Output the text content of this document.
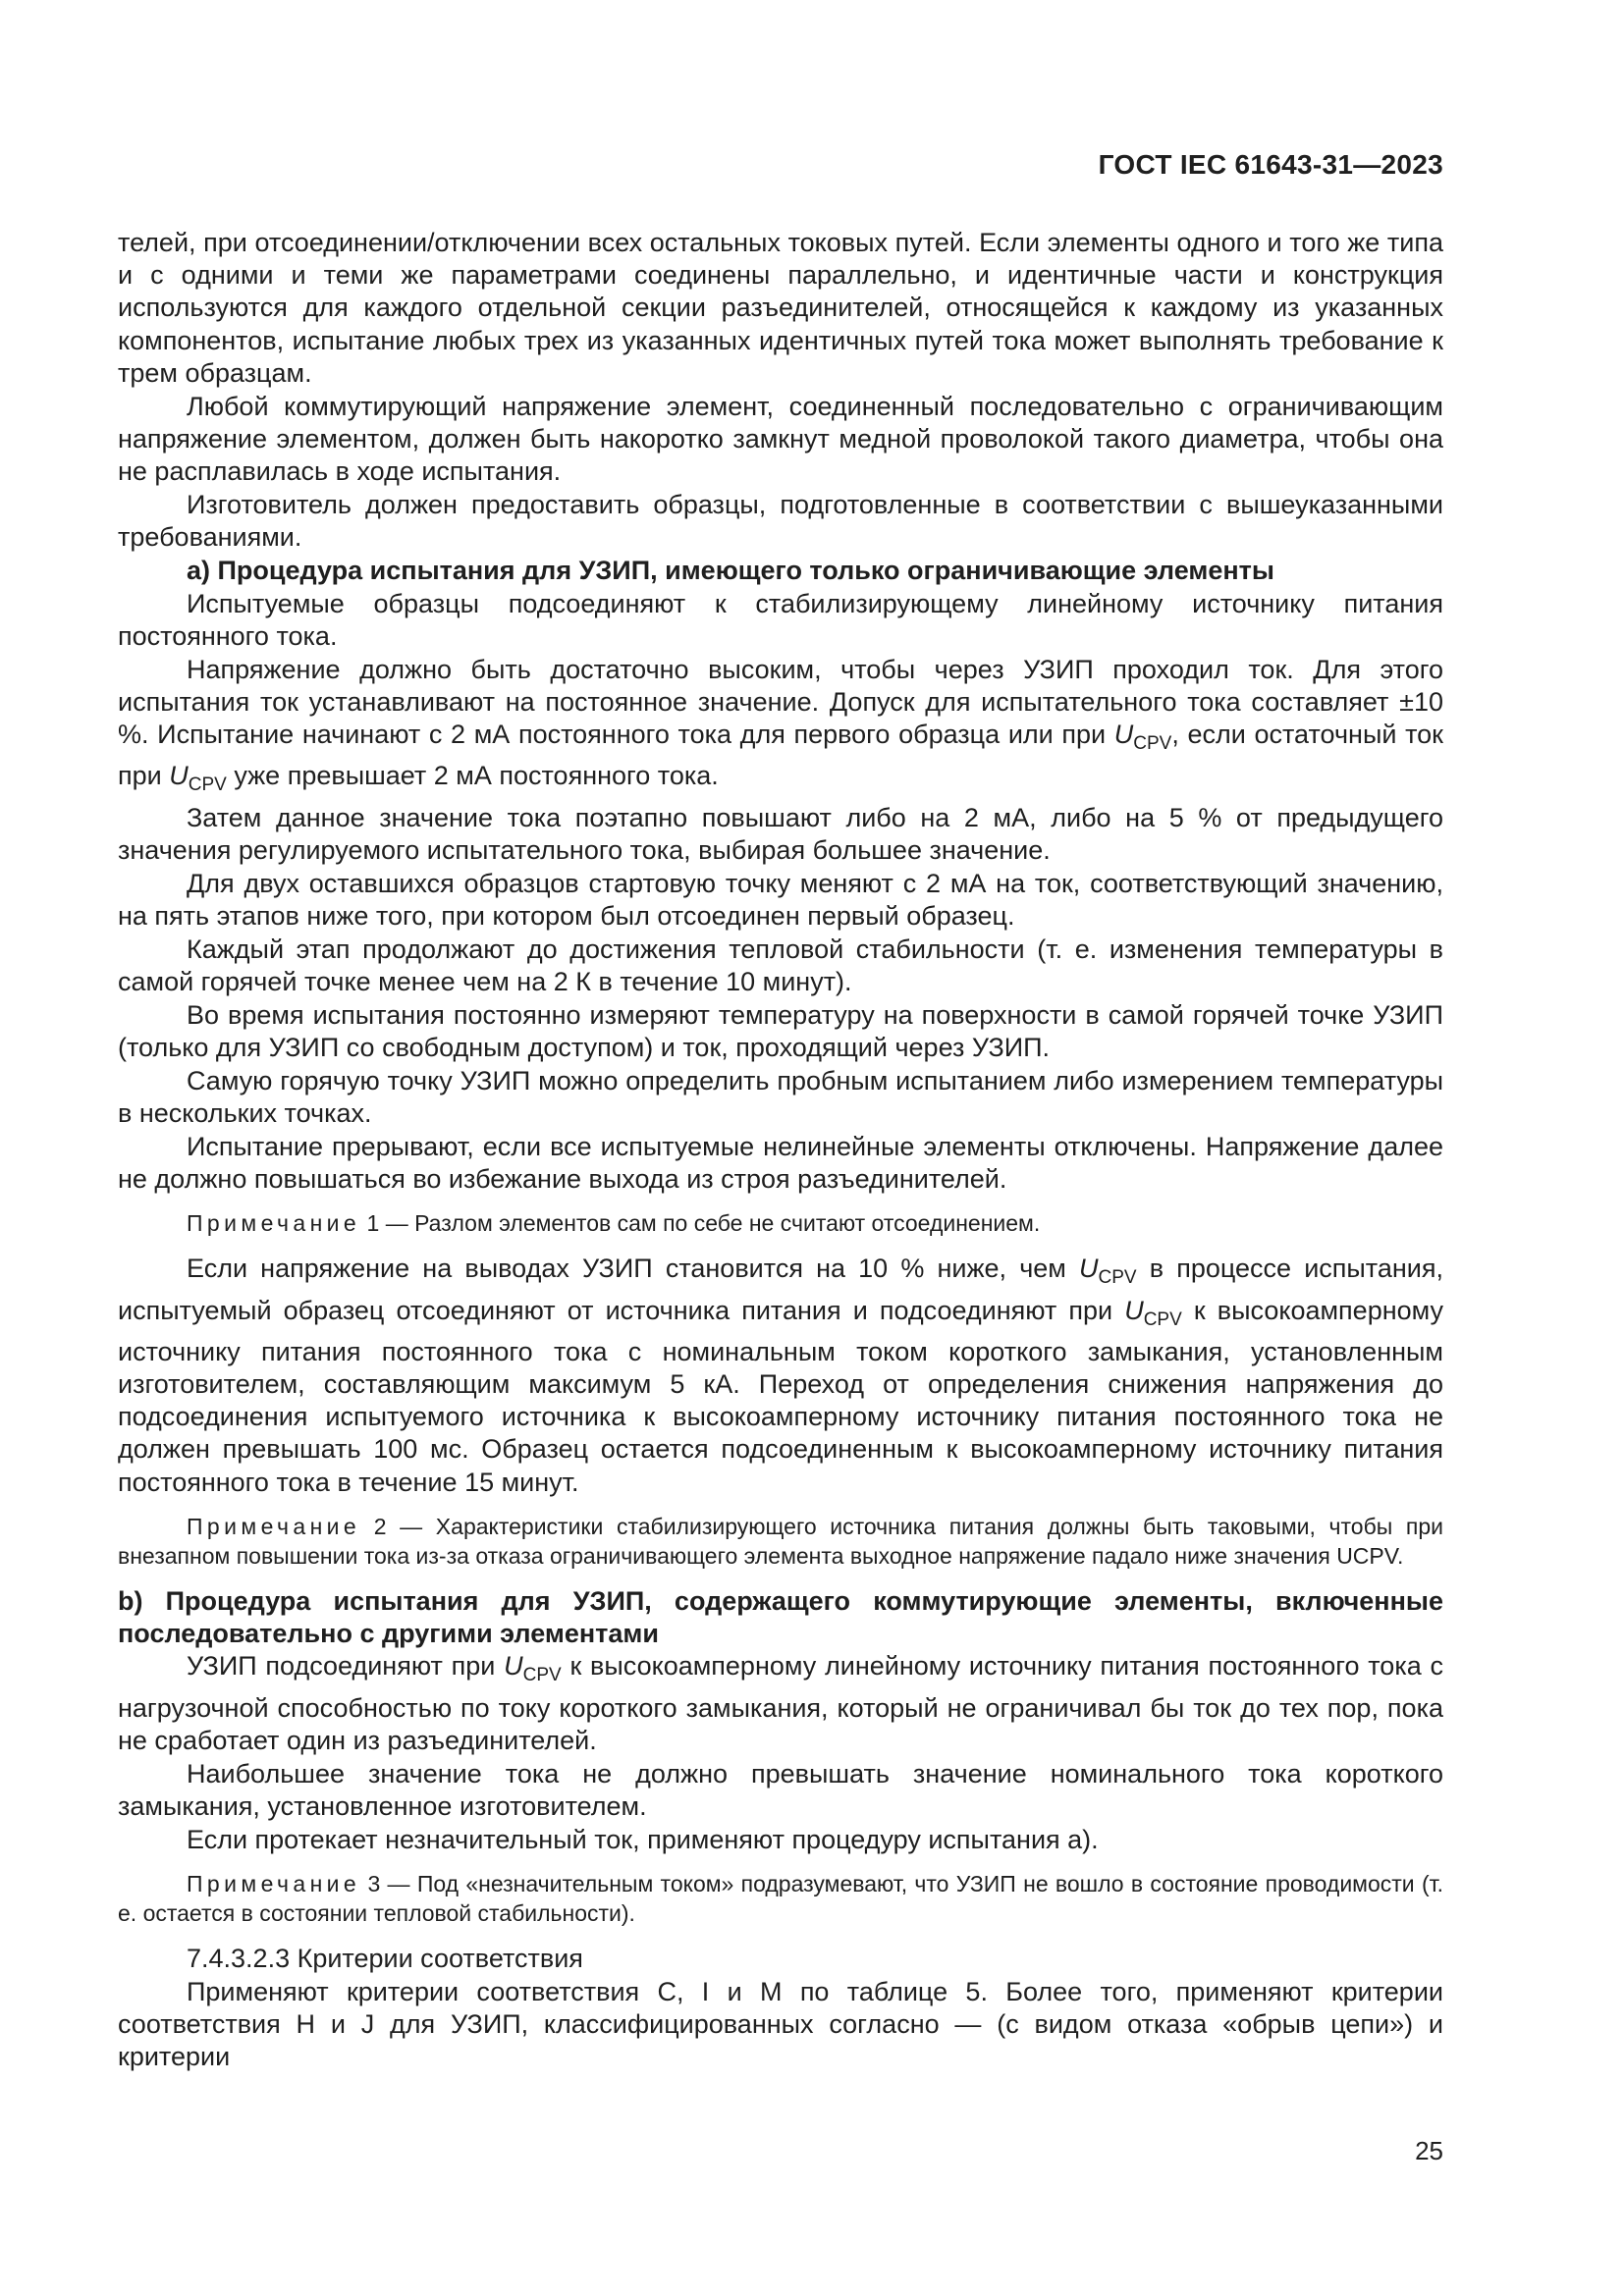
ГОСТ IEC 61643-31—2023

телей, при отсоединении/отключении всех остальных токовых путей. Если элементы одного и того же типа и с одними и теми же параметрами соединены параллельно, и идентичные части и конструкция используются для каждого отдельной секции разъединителей, относящейся к каждому из указанных компонентов, испытание любых трех из указанных идентичных путей тока может выполнять требование к трем образцам.

Любой коммутирующий напряжение элемент, соединенный последовательно с ограничивающим напряжение элементом, должен быть накоротко замкнут медной проволокой такого диаметра, чтобы она не расплавилась в ходе испытания.

Изготовитель должен предоставить образцы, подготовленные в соответствии с вышеуказанными требованиями.

a) Процедура испытания для УЗИП, имеющего только ограничивающие элементы

Испытуемые образцы подсоединяют к стабилизирующему линейному источнику питания постоянного тока.

Напряжение должно быть достаточно высоким, чтобы через УЗИП проходил ток. Для этого испытания ток устанавливают на постоянное значение. Допуск для испытательного тока составляет ±10 %. Испытание начинают с 2 мА постоянного тока для первого образца или при $U_{CPV}$, если остаточный ток при $U_{CPV}$ уже превышает 2 мА постоянного тока.

Затем данное значение тока поэтапно повышают либо на 2 мА, либо на 5 % от предыдущего значения регулируемого испытательного тока, выбирая большее значение.

Для двух оставшихся образцов стартовую точку меняют с 2 мА на ток, соответствующий значению, на пять этапов ниже того, при котором был отсоединен первый образец.

Каждый этап продолжают до достижения тепловой стабильности (т. е. изменения температуры в самой горячей точке менее чем на 2 К в течение 10 минут).

Во время испытания постоянно измеряют температуру на поверхности в самой горячей точке УЗИП (только для УЗИП со свободным доступом) и ток, проходящий через УЗИП.

Самую горячую точку УЗИП можно определить пробным испытанием либо измерением температуры в нескольких точках.

Испытание прерывают, если все испытуемые нелинейные элементы отключены. Напряжение далее не должно повышаться во избежание выхода из строя разъединителей.

Примечание 1 — Разлом элементов сам по себе не считают отсоединением.

Если напряжение на выводах УЗИП становится на 10 % ниже, чем $U_{CPV}$ в процессе испытания, испытуемый образец отсоединяют от источника питания и подсоединяют при $U_{CPV}$ к высокоамперному источнику питания постоянного тока с номинальным током короткого замыкания, установленным изготовителем, составляющим максимум 5 кА. Переход от определения снижения напряжения до подсоединения испытуемого источника к высокоамперному источнику питания постоянного тока не должен превышать 100 мс. Образец остается подсоединенным к высокоамперному источнику питания постоянного тока в течение 15 минут.

Примечание 2 — Характеристики стабилизирующего источника питания должны быть таковыми, чтобы при внезапном повышении тока из-за отказа ограничивающего элемента выходное напряжение падало ниже значения UCPV.

b) Процедура испытания для УЗИП, содержащего коммутирующие элементы, включенные последовательно с другими элементами

УЗИП подсоединяют при $U_{CPV}$ к высокоамперному линейному источнику питания постоянного тока с нагрузочной способностью по току короткого замыкания, который не ограничивал бы ток до тех пор, пока не сработает один из разъединителей.

Наибольшее значение тока не должно превышать значение номинального тока короткого замыкания, установленное изготовителем.

Если протекает незначительный ток, применяют процедуру испытания a).

Примечание 3 — Под «незначительным током» подразумевают, что УЗИП не вошло в состояние проводимости (т. е. остается в состоянии тепловой стабильности).

7.4.3.2.3 Критерии соответствия

Применяют критерии соответствия C, I и M по таблице 5. Более того, применяют критерии соответствия H и J для УЗИП, классифицированных согласно — (с видом отказа «обрыв цепи») и критерии

25
